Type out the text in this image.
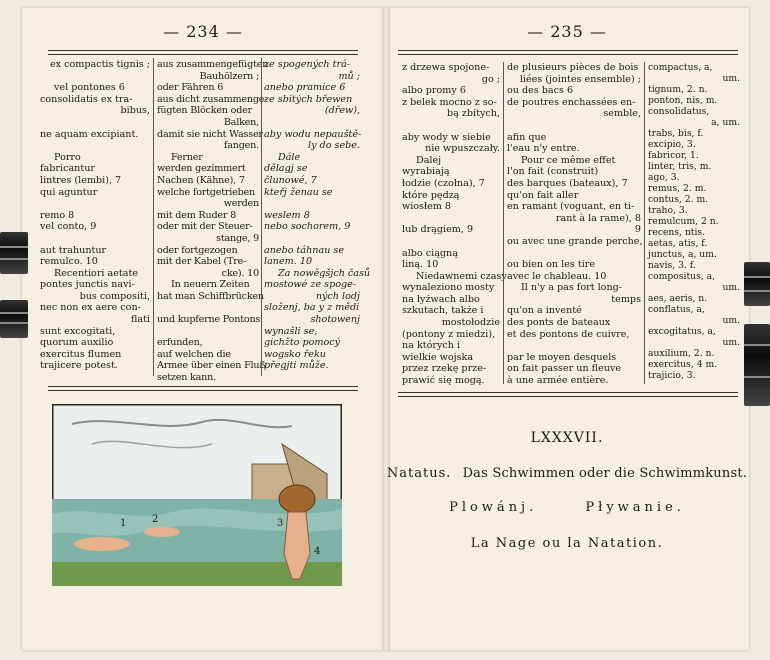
— 234 —
ex compactis tignis ;
vel pontones 6
consolidatis ex tra-
bibus,
ne aquam excipiant.
Porro
fabricantur
lintres (lembi), 7
qui aguntur
remo 8
vel conto, 9
aut trahuntur
remulco. 10
Recentiori aetate
pontes junctis navi-
bus compositi,
nec non ex aere con-
flati
sunt excogitati,
quorum auxilio
exercitus flumen
trajicere potest.
aus zusammengefügten
Bauhölzern ;
oder Fähren 6
aus dicht zusammenge-
fügten Blöcken oder
Balken,
damit sie nicht Wasser
fangen.
Ferner
werden gezimmert
Nachen (Kähne), 7
welche fortgetrieben
werden
mit dem Ruder 8
oder mit der Steuer-
stange, 9
oder fortgezogen
mit der Kabel (Tre-
cke). 10
In neuern Zeiten
hat man Schiffbrücken
und kupferne Pontons
erfunden,
auf welchen die
Armee über einen Fluß
setzen kann.
ze spogených trá-
mů ;
anebo pramice 6
ze sbitých břewen
(dřew),
aby wodu nepauště-
ly do sebe.
Dále
dělagj se
člunowé, 7
kteřj ženau se
weslem 8
nebo sochorem, 9
anebo táhnau se
lanem. 10
Za nowěgšjch časů
mostowé ze spoge-
ných lodj
složenj, ba y z mědi
shotowenj
wynašli se,
gichžto pomocý
wogsko řeku
přegjti může.
1	2	3
4
— 235 —
z drzewa spojone-
go ;
albo promy 6
z belek mocno z so-
bą zbitych,
aby wody w siebie
nie wpuszczały.
Dalej
wyrabiają
łodzie (czołna), 7
które pędzą
wiosłem 8
lub drągiem, 9
albo ciągną
liną. 10
Niedawnemi czasy
wynaleziono mosty
na łyżwach albo
szkutach, także i
mostołodzie
(pontony z miedzi),
na których i
wielkie wojska
przez rzekę prze-
prawić się mogą.
de plusieurs pièces de bois
liées (jointes ensemble) ;
ou des bacs 6
de poutres enchassées en-
semble,
afin que
l'eau n'y entre.
Pour ce même effet
l'on fait (construit)
des barques (bateaux), 7
qu'on fait aller
en ramant (voguant, en ti-
rant à la rame), 8
9
ou avec une grande perche,
ou bien on les tire
avec le chableau. 10
Il n'y a pas fort long-
temps
qu'on a inventé
des ponts de bateaux
et des pontons de cuivre,
par le moyen desquels
on fait passer un fleuve
à une armée entière.
compactus, a,
um.
tignum, 2. n.
ponton, nis, m.
consolidatus,
a, um.
trabs, bis, f.
excipio, 3.
fabricor, 1.
linter, tris, m.
ago, 3.
remus, 2. m.
contus, 2. m.
traho, 3.
remulcum, 2 n.
recens, ntis.
aetas, atis, f.
junctus, a, um.
navis, 3. f.
compositus, a,
um.
aes, aeris, n.
conflatus, a,
um.
excogitatus, a,
um.
auxilium, 2. n.
exercitus, 4 m.
trajicio, 3.
LXXXVII.
Natatus. Das Schwimmen oder die Schwimmkunst.
Plowánj.	Pływanie.
La Nage ou la Natation.
